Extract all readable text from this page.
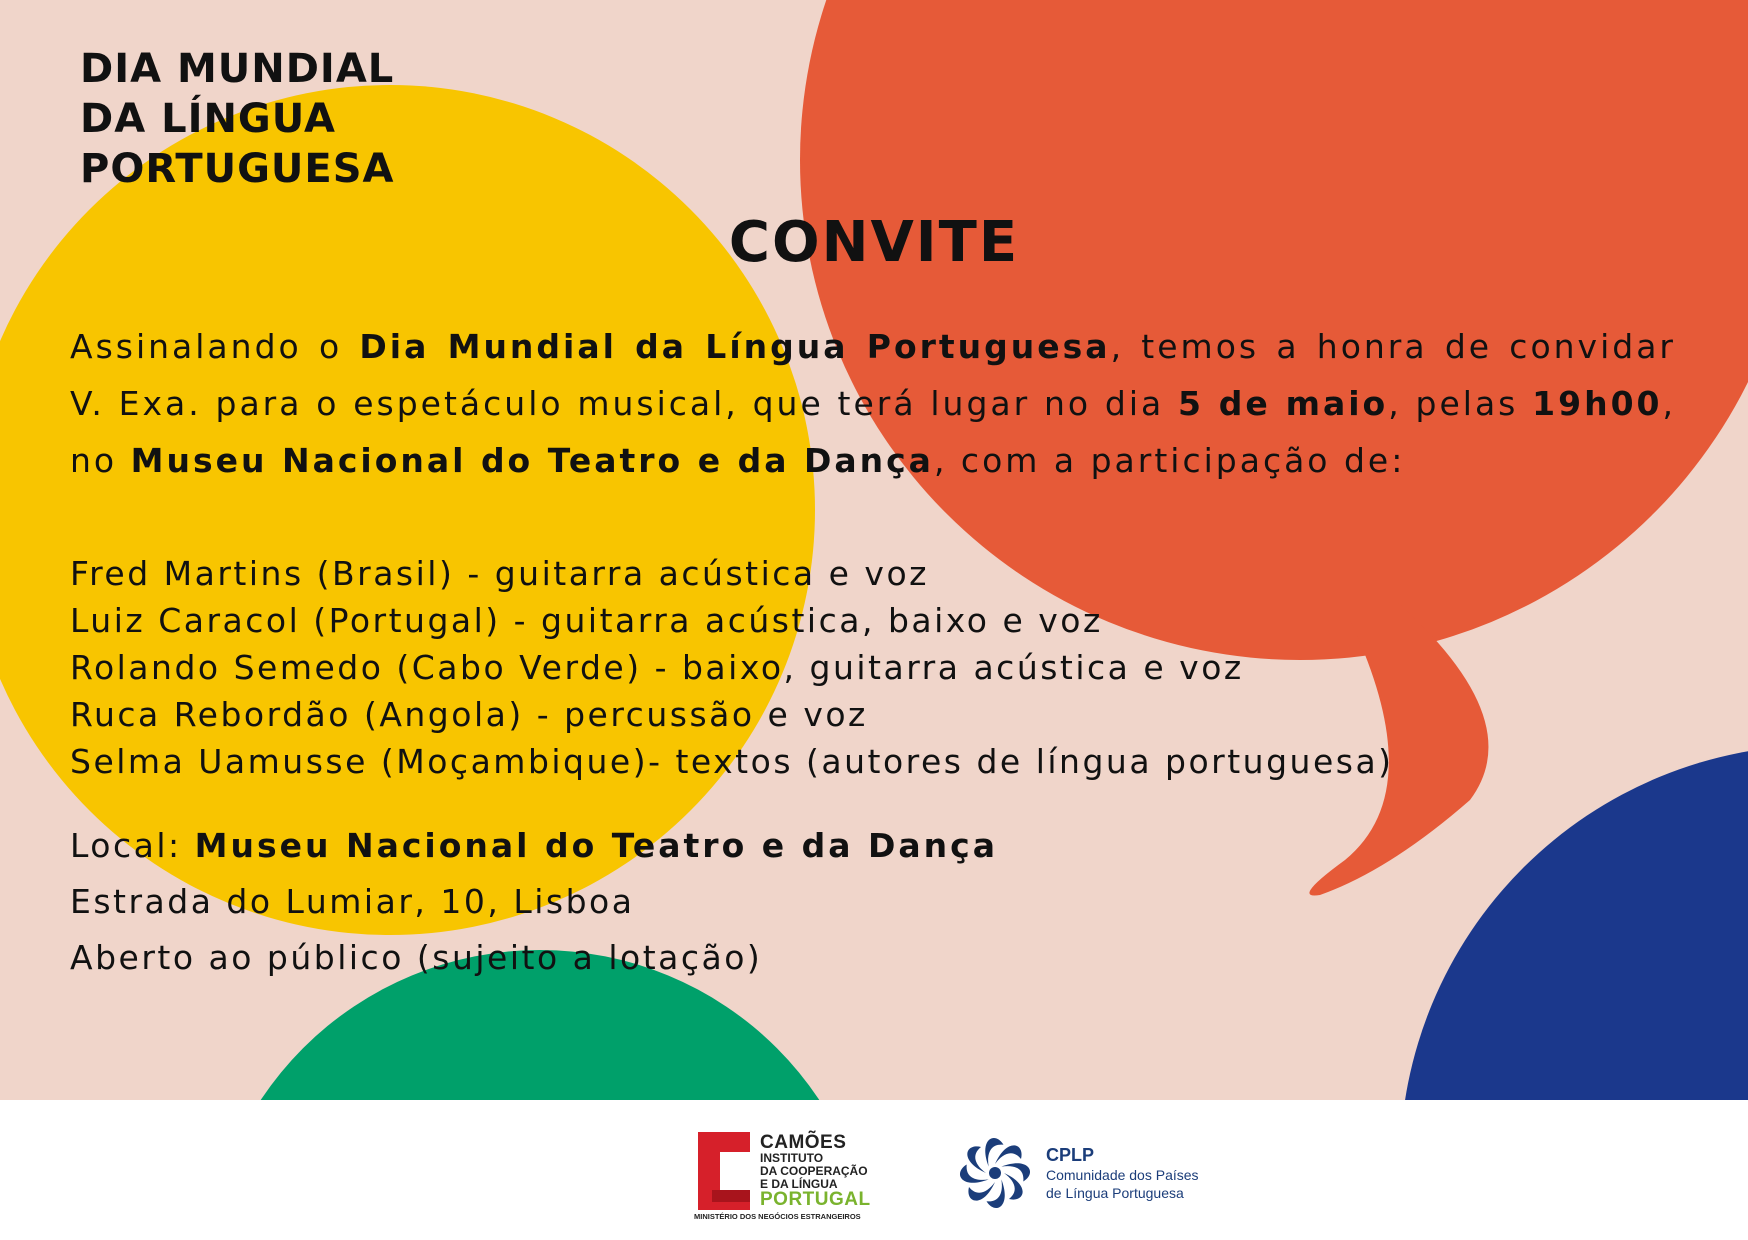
DIA MUNDIAL
DA LÍNGUA
PORTUGUESA
CONVITE

Assinalando o Dia Mundial da Língua Portuguesa, temos a honra de convidar V. Exa. para o espetáculo musical, que terá lugar no dia 5 de maio, pelas 19h00, no Museu Nacional do Teatro e da Dança, com a participação de:

Fred Martins (Brasil) - guitarra acústica e voz
Luiz Caracol (Portugal) - guitarra acústica, baixo e voz
Rolando Semedo (Cabo Verde) - baixo, guitarra acústica e voz
Ruca Rebordão (Angola) - percussão e voz
Selma Uamusse (Moçambique)- textos (autores de língua portuguesa)
Local: Museu Nacional do Teatro e da Dança
Estrada do Lumiar, 10, Lisboa
Aberto ao público (sujeito a lotação)
CAMÕES
INSTITUTO
DA COOPERAÇÃO
E DA LÍNGUA
PORTUGAL
MINISTÉRIO DOS NEGÓCIOS ESTRANGEIROS
CPLP
Comunidade dos Países
de Língua Portuguesa
